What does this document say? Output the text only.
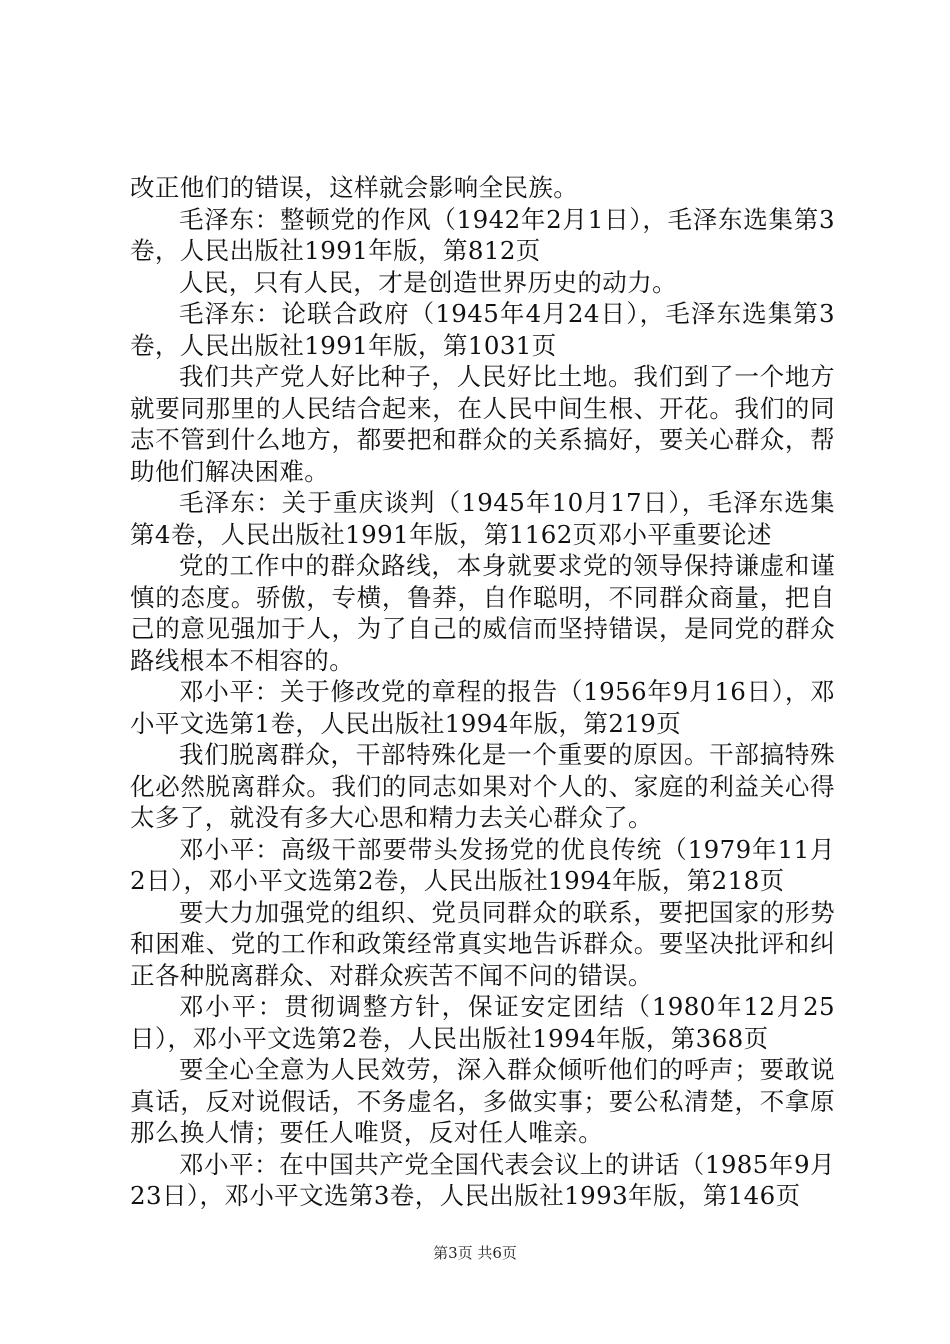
改正他们的错误，这样就会影响全民族。

毛泽东：整顿党的作风（1942年2月1日），毛泽东选集第3卷，人民出版社1991年版，第812页

人民，只有人民，才是创造世界历史的动力。

毛泽东：论联合政府（1945年4月24日），毛泽东选集第3卷，人民出版社1991年版，第1031页

我们共产党人好比种子，人民好比土地。我们到了一个地方就要同那里的人民结合起来，在人民中间生根、开花。我们的同志不管到什么地方，都要把和群众的关系搞好，要关心群众，帮助他们解决困难。

毛泽东：关于重庆谈判（1945年10月17日），毛泽东选集第4卷，人民出版社1991年版，第1162页邓小平重要论述

党的工作中的群众路线，本身就要求党的领导保持谦虚和谨慎的态度。骄傲，专横，鲁莽，自作聪明，不同群众商量，把自己的意见强加于人，为了自己的威信而坚持错误，是同党的群众路线根本不相容的。

邓小平：关于修改党的章程的报告（1956年9月16日），邓小平文选第1卷，人民出版社1994年版，第219页

我们脱离群众，干部特殊化是一个重要的原因。干部搞特殊化必然脱离群众。我们的同志如果对个人的、家庭的利益关心得太多了，就没有多大心思和精力去关心群众了。

邓小平：高级干部要带头发扬党的优良传统（1979年11月2日），邓小平文选第2卷，人民出版社1994年版，第218页

要大力加强党的组织、党员同群众的联系，要把国家的形势和困难、党的工作和政策经常真实地告诉群众。要坚决批评和纠正各种脱离群众、对群众疾苦不闻不问的错误。

邓小平：贯彻调整方针，保证安定团结（1980年12月25日），邓小平文选第2卷，人民出版社1994年版，第368页

要全心全意为人民效劳，深入群众倾听他们的呼声；要敢说真话，反对说假话，不务虚名，多做实事；要公私清楚，不拿原那么换人情；要任人唯贤，反对任人唯亲。

邓小平：在中国共产党全国代表会议上的讲话（1985年9月23日），邓小平文选第3卷，人民出版社1993年版，第146页

第3页 共6页
